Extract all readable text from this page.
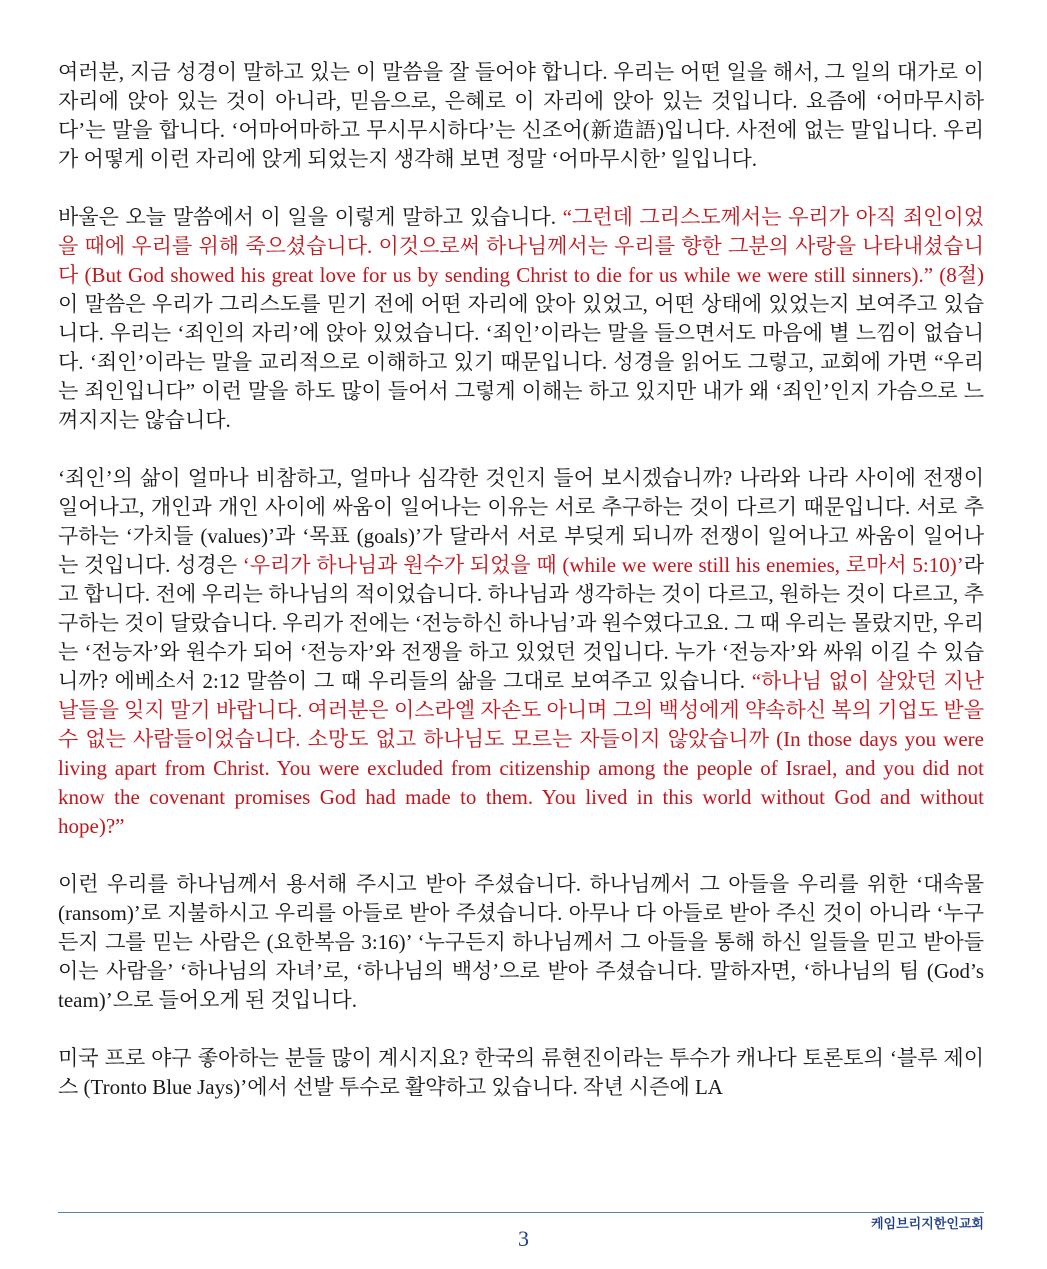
여러분, 지금 성경이 말하고 있는 이 말씀을 잘 들어야 합니다. 우리는 어떤 일을 해서, 그 일의 대가로 이 자리에 앉아 있는 것이 아니라, 믿음으로, 은혜로 이 자리에 앉아 있는 것입니다. 요즘에 ‘어마무시하다’는 말을 합니다. ‘어마어마하고 무시무시하다’는 신조어(新造語)입니다. 사전에 없는 말입니다. 우리가 어떻게 이런 자리에 앉게 되었는지 생각해 보면 정말 ‘어마무시한’ 일입니다.

바울은 오늘 말씀에서 이 일을 이렇게 말하고 있습니다. “그런데 그리스도께서는 우리가 아직 죄인이었을 때에 우리를 위해 죽으셨습니다. 이것으로써 하나님께서는 우리를 향한 그분의 사랑을 나타내셨습니다 (But God showed his great love for us by sending Christ to die for us while we were still sinners).” (8절) 이 말씀은 우리가 그리스도를 믿기 전에 어떤 자리에 앉아 있었고, 어떤 상태에 있었는지 보여주고 있습니다. 우리는 ‘죄인의 자리’에 앉아 있었습니다. ‘죄인’이라는 말을 들으면서도 마음에 별 느낌이 없습니다. ‘죄인’이라는 말을 교리적으로 이해하고 있기 때문입니다. 성경을 읽어도 그렇고, 교회에 가면 “우리는 죄인입니다” 이런 말을 하도 많이 들어서 그렇게 이해는 하고 있지만 내가 왜 ‘죄인’인지 가슴으로 느껴지지는 않습니다.

‘죄인’의 삶이 얼마나 비참하고, 얼마나 심각한 것인지 들어 보시겠습니까? 나라와 나라 사이에 전쟁이 일어나고, 개인과 개인 사이에 싸움이 일어나는 이유는 서로 추구하는 것이 다르기 때문입니다. 서로 추구하는 ‘가치들 (values)’과 ‘목표 (goals)’가 달라서 서로 부딪게 되니까 전쟁이 일어나고 싸움이 일어나는 것입니다. 성경은 ‘우리가 하나님과 원수가 되었을 때 (while we were still his enemies, 로마서 5:10)’라고 합니다. 전에 우리는 하나님의 적이었습니다. 하나님과 생각하는 것이 다르고, 원하는 것이 다르고, 추구하는 것이 달랐습니다. 우리가 전에는 ‘전능하신 하나님’과 원수였다고요. 그 때 우리는 몰랐지만, 우리는 ‘전능자’와 원수가 되어 ‘전능자’와 전쟁을 하고 있었던 것입니다. 누가 ‘전능자’와 싸워 이길 수 있습니까? 에베소서 2:12 말씀이 그 때 우리들의 삶을 그대로 보여주고 있습니다. “하나님 없이 살았던 지난 날들을 잊지 말기 바랍니다. 여러분은 이스라엘 자손도 아니며 그의 백성에게 약속하신 복의 기업도 받을 수 없는 사람들이었습니다. 소망도 없고 하나님도 모르는 자들이지 않았습니까 (In those days you were living apart from Christ. You were excluded from citizenship among the people of Israel, and you did not know the covenant promises God had made to them. You lived in this world without God and without hope)?”

이런 우리를 하나님께서 용서해 주시고 받아 주셨습니다. 하나님께서 그 아들을 우리를 위한 ‘대속물 (ransom)’로 지불하시고 우리를 아들로 받아 주셨습니다. 아무나 다 아들로 받아 주신 것이 아니라 ‘누구든지 그를 믿는 사람은 (요한복음 3:16)’ ‘누구든지 하나님께서 그 아들을 통해 하신 일들을 믿고 받아들이는 사람을’ ‘하나님의 자녀’로, ‘하나님의 백성’으로 받아 주셨습니다. 말하자면, ‘하나님의 팀 (God’s team)’으로 들어오게 된 것입니다.

미국 프로 야구 좋아하는 분들 많이 계시지요? 한국의 류현진이라는 투수가 캐나다 토론토의 ‘블루 제이스 (Tronto Blue Jays)’에서 선발 투수로 활약하고 있습니다. 작년 시즌에 LA

케임브리지한인교회
3
